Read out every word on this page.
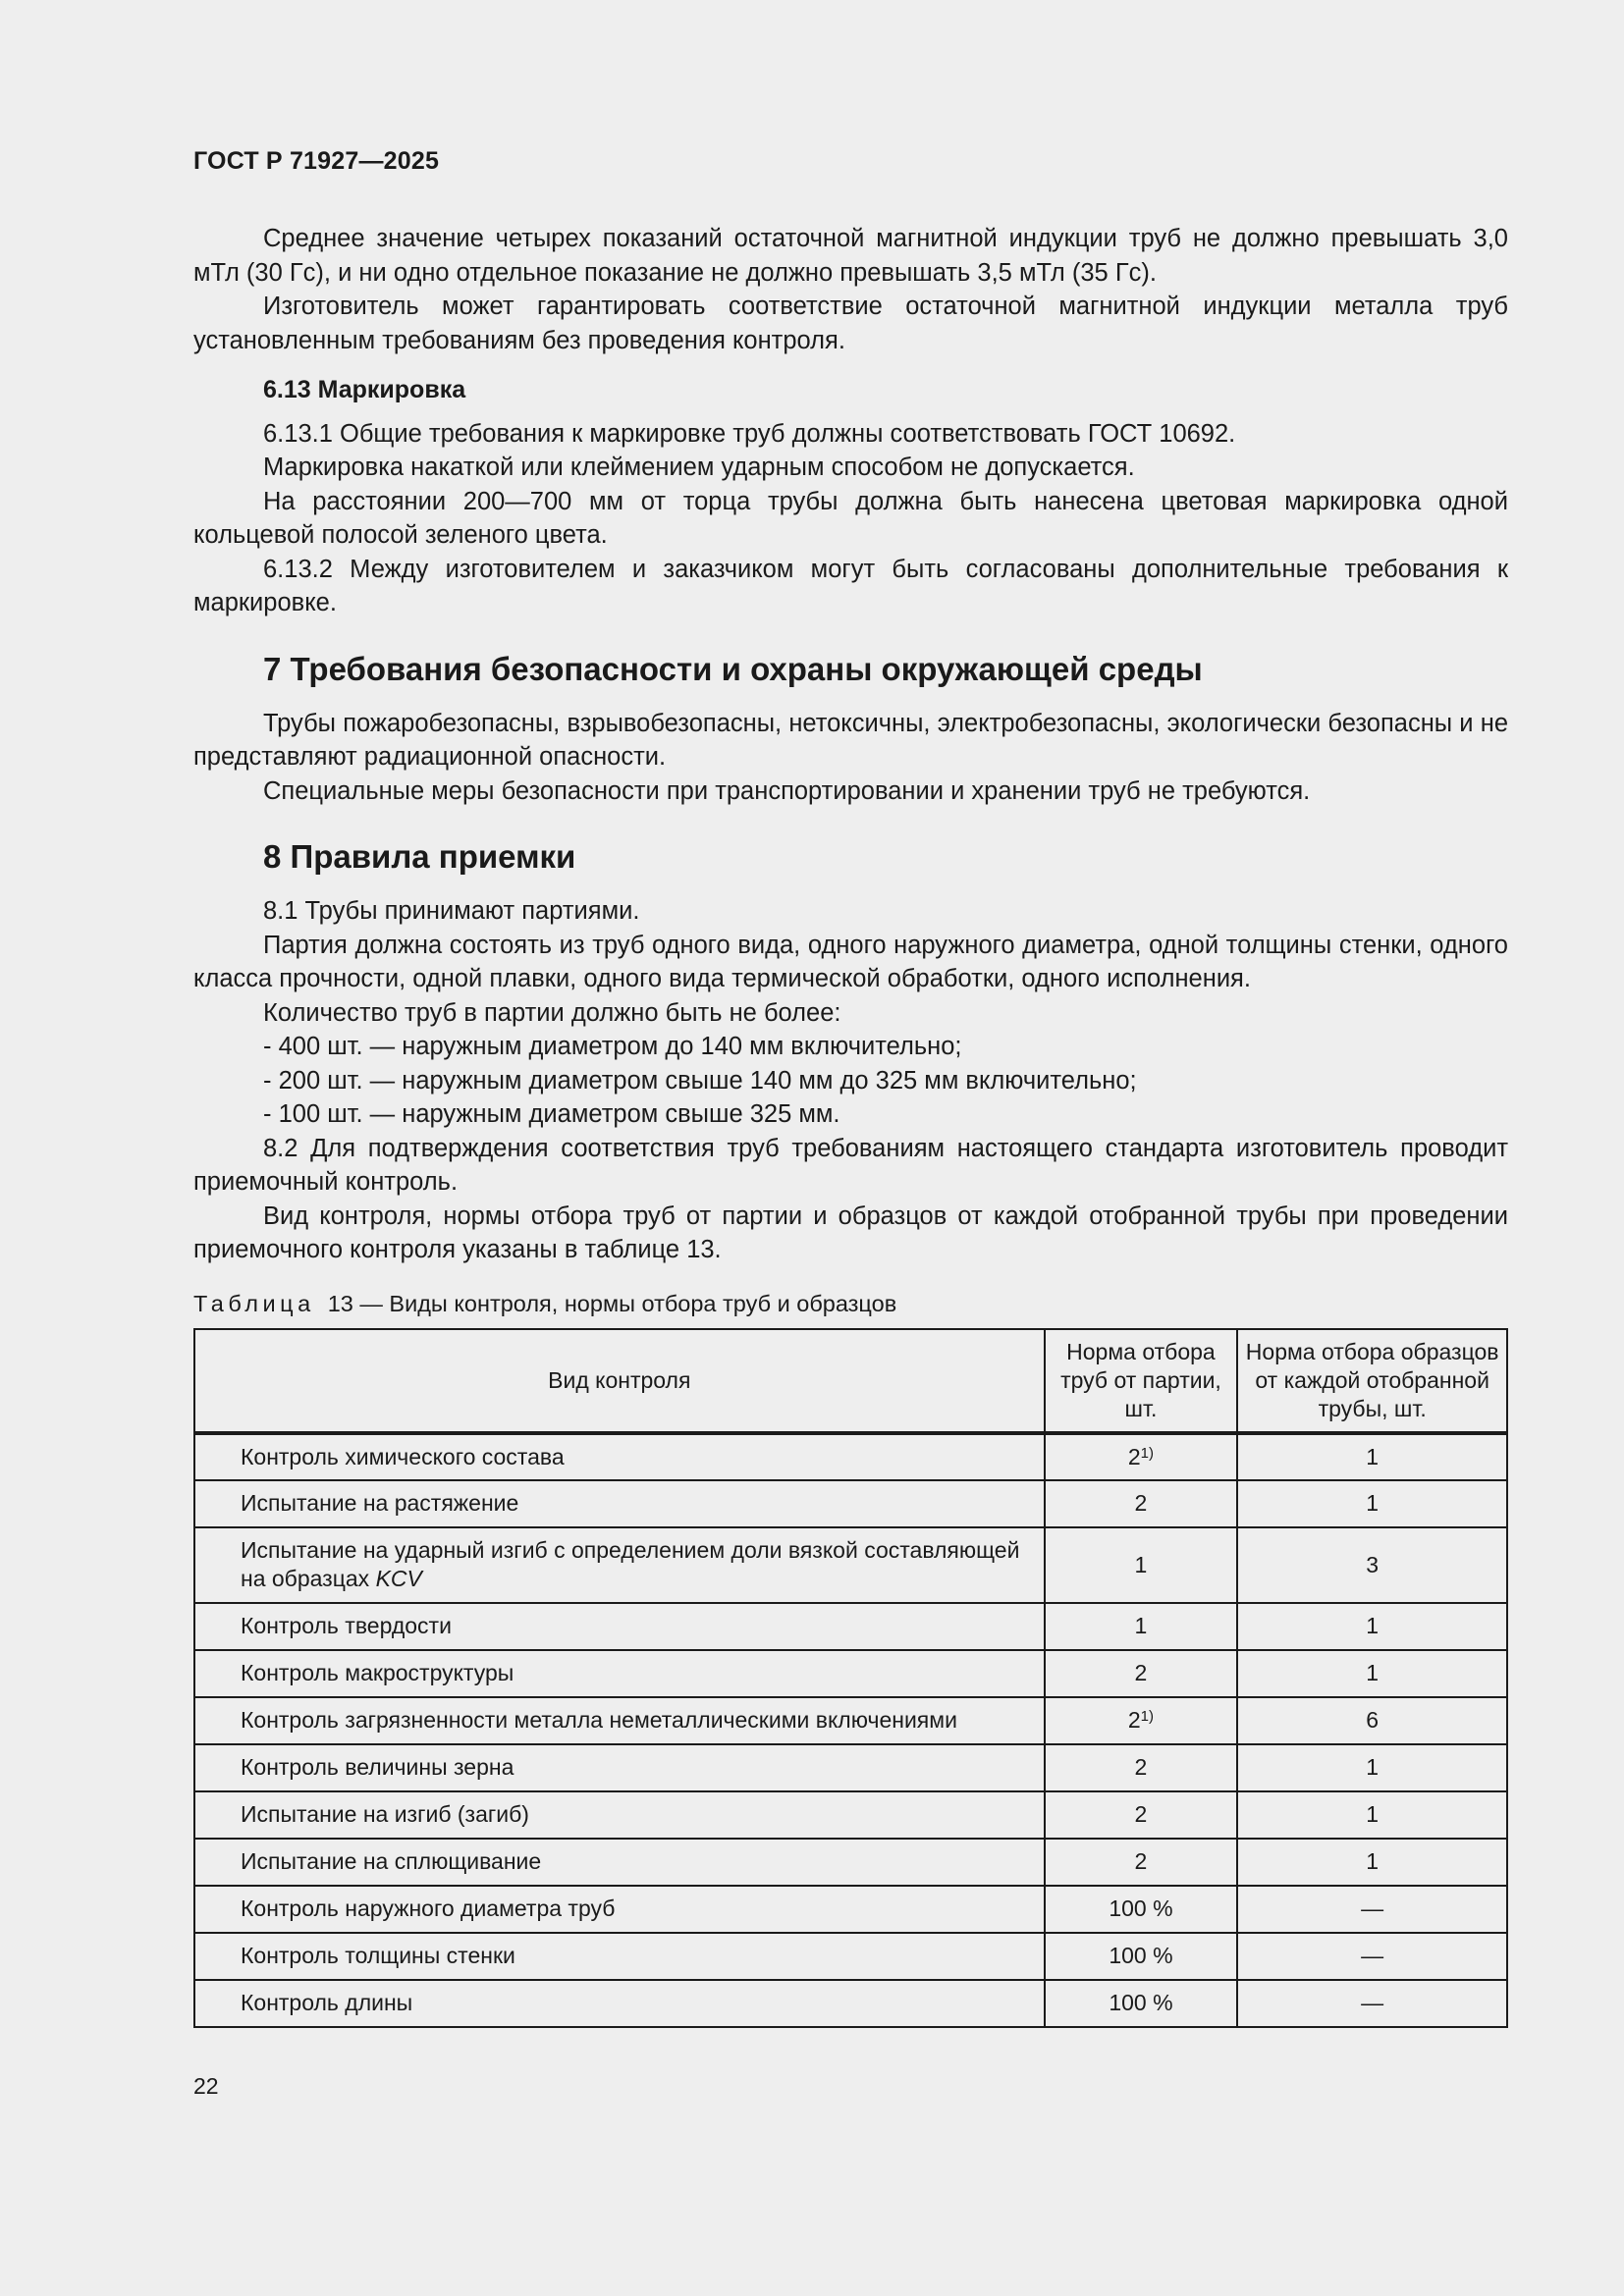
ГОСТ Р 71927—2025

Среднее значение четырех показаний остаточной магнитной индукции труб не должно превышать 3,0 мТл (30 Гс), и ни одно отдельное показание не должно превышать 3,5 мТл (35 Гс).

Изготовитель может гарантировать соответствие остаточной магнитной индукции металла труб установленным требованиям без проведения контроля.

6.13 Маркировка

6.13.1 Общие требования к маркировке труб должны соответствовать ГОСТ 10692.

Маркировка накаткой или клеймением ударным способом не допускается.

На расстоянии 200—700 мм от торца трубы должна быть нанесена цветовая маркировка одной кольцевой полосой зеленого цвета.

6.13.2 Между изготовителем и заказчиком могут быть согласованы дополнительные требования к маркировке.

7 Требования безопасности и охраны окружающей среды

Трубы пожаробезопасны, взрывобезопасны, нетоксичны, электробезопасны, экологически безопасны и не представляют радиационной опасности.

Специальные меры безопасности при транспортировании и хранении труб не требуются.

8 Правила приемки

8.1 Трубы принимают партиями.

Партия должна состоять из труб одного вида, одного наружного диаметра, одной толщины стенки, одного класса прочности, одной плавки, одного вида термической обработки, одного исполнения.

Количество труб в партии должно быть не более:

- 400 шт. — наружным диаметром до 140 мм включительно;

- 200 шт. — наружным диаметром свыше 140 мм до 325 мм включительно;

- 100 шт. — наружным диаметром свыше 325 мм.

8.2 Для подтверждения соответствия труб требованиям настоящего стандарта изготовитель проводит приемочный контроль.

Вид контроля, нормы отбора труб от партии и образцов от каждой отобранной трубы при проведении приемочного контроля указаны в таблице 13.

Таблица 13 — Виды контроля, нормы отбора труб и образцов
Вид контроля	Норма отбора труб от партии, шт.	Норма отбора образцов от каждой отобранной трубы, шт.
Контроль химического состава	2$^{1)}$	1
Испытание на растяжение	2	1
Испытание на ударный изгиб с определением доли вязкой составляющей на образцах KCV	1	3
Контроль твердости	1	1
Контроль макроструктуры	2	1
Контроль загрязненности металла неметаллическими включениями	2$^{1)}$	6
Контроль величины зерна	2	1
Испытание на изгиб (загиб)	2	1
Испытание на сплющивание	2	1
Контроль наружного диаметра труб	100 %	—
Контроль толщины стенки	100 %	—
Контроль длины	100 %	—
22
